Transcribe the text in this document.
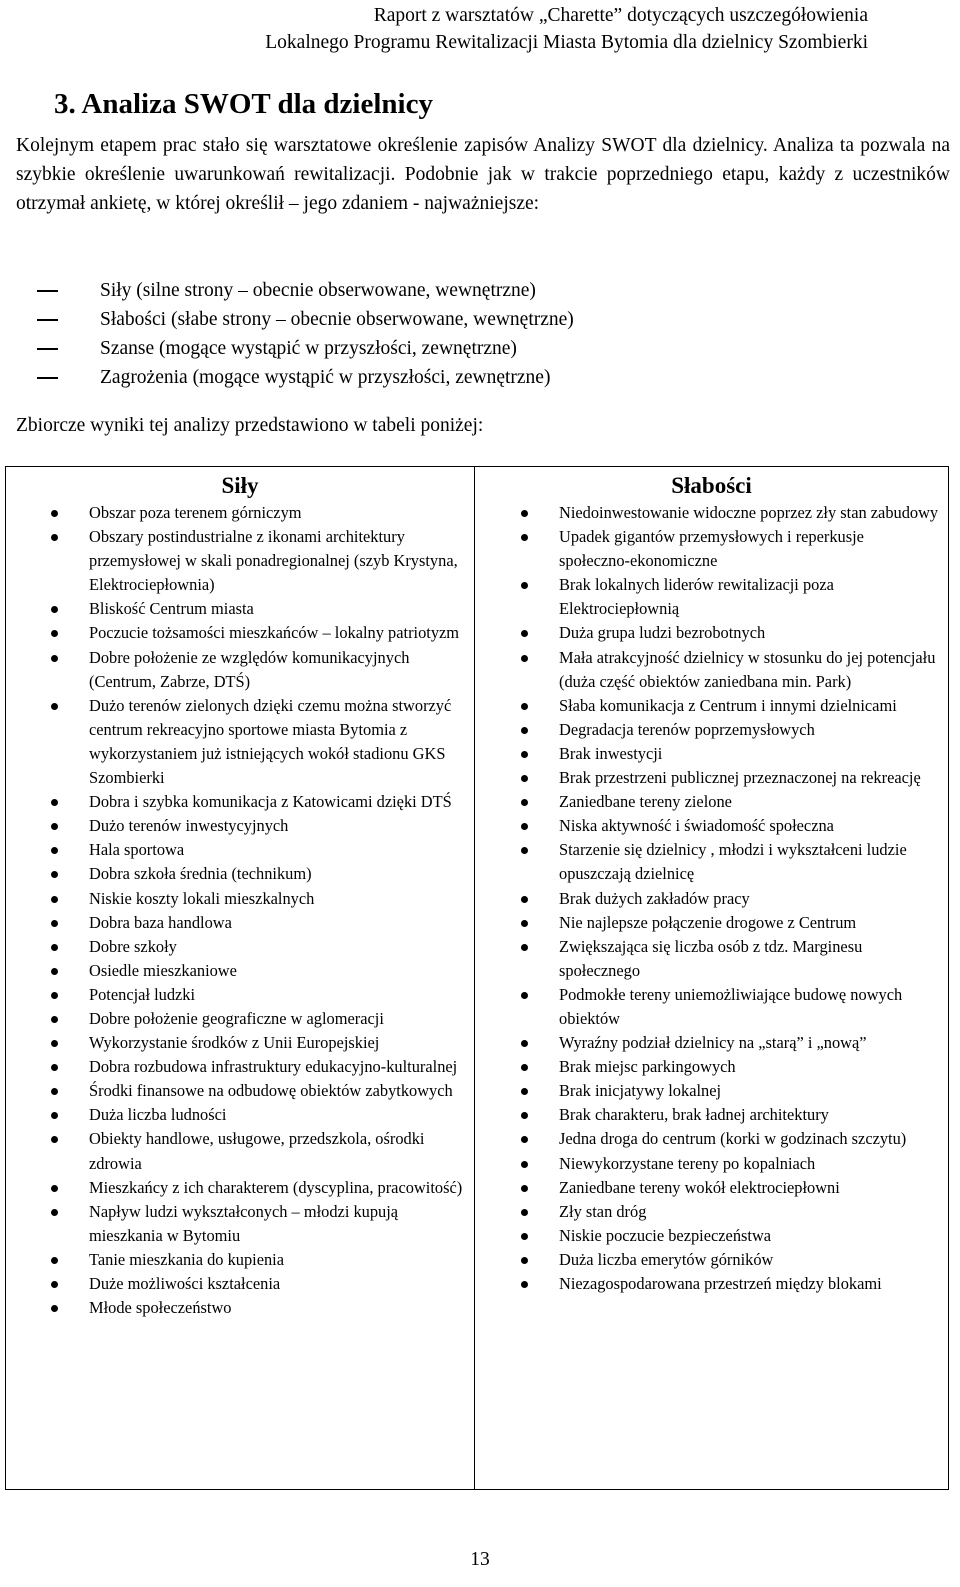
Raport z warsztatów „Charette” dotyczących uszczegółowienia
Lokalnego Programu Rewitalizacji Miasta Bytomia dla dzielnicy Szombierki
3. Analiza SWOT dla dzielnicy

Kolejnym etapem prac stało się warsztatowe określenie zapisów Analizy SWOT dla dzielnicy. Analiza ta pozwala na szybkie określenie uwarunkowań rewitalizacji. Podobnie jak w trakcie poprzedniego etapu, każdy z uczestników otrzymał ankietę, w której określił – jego zdaniem - najważniejsze:

Siły (silne strony – obecnie obserwowane, wewnętrzne)
Słabości (słabe strony – obecnie obserwowane, wewnętrzne)
Szanse (mogące wystąpić w przyszłości, zewnętrzne)
Zagrożenia (mogące wystąpić w przyszłości, zewnętrzne)

Zbiorcze wyniki tej analizy przedstawiono w tabeli poniżej:

Siły
Obszar poza terenem górniczym
Obszary postindustrialne z ikonami architektury przemysłowej w skali ponadregionalnej (szyb Krystyna, Elektrociepłownia)
Bliskość Centrum miasta
Poczucie tożsamości mieszkańców – lokalny patriotyzm
Dobre położenie ze względów komunikacyjnych (Centrum, Zabrze, DTŚ)
Dużo terenów zielonych dzięki czemu można stworzyć centrum rekreacyjno sportowe miasta Bytomia z wykorzystaniem już istniejących wokół stadionu GKS Szombierki
Dobra i szybka komunikacja z Katowicami dzięki DTŚ
Dużo terenów inwestycyjnych
Hala sportowa
Dobra szkoła średnia (technikum)
Niskie koszty lokali mieszkalnych
Dobra baza handlowa
Dobre szkoły
Osiedle mieszkaniowe
Potencjał ludzki
Dobre położenie geograficzne w aglomeracji
Wykorzystanie środków z Unii Europejskiej
Dobra rozbudowa infrastruktury edukacyjno-kulturalnej
Środki finansowe na odbudowę obiektów zabytkowych
Duża liczba ludności
Obiekty handlowe, usługowe, przedszkola, ośrodki zdrowia
Mieszkańcy z ich charakterem (dyscyplina, pracowitość)
Napływ ludzi wykształconych – młodzi kupują mieszkania w Bytomiu
Tanie mieszkania do kupienia
Duże możliwości kształcenia
Młode społeczeństwo
Słabości
Niedoinwestowanie widoczne poprzez zły stan zabudowy
Upadek gigantów przemysłowych i reperkusje społeczno-ekonomiczne
Brak lokalnych liderów rewitalizacji poza Elektrociepłownią
Duża grupa ludzi bezrobotnych
Mała atrakcyjność dzielnicy w stosunku do jej potencjału (duża część obiektów zaniedbana min. Park)
Słaba komunikacja z Centrum i innymi dzielnicami
Degradacja terenów poprzemysłowych
Brak inwestycji
Brak przestrzeni publicznej przeznaczonej na rekreację
Zaniedbane tereny zielone
Niska aktywność i świadomość społeczna
Starzenie się dzielnicy , młodzi i wykształceni ludzie opuszczają dzielnicę
Brak dużych zakładów pracy
Nie najlepsze połączenie drogowe z Centrum
Zwiększająca się liczba osób z tdz. Marginesu społecznego
Podmokłe tereny uniemożliwiające budowę nowych obiektów
Wyraźny podział dzielnicy na „starą” i „nową”
Brak miejsc parkingowych
Brak inicjatywy lokalnej
Brak charakteru, brak ładnej architektury
Jedna droga do centrum (korki w godzinach szczytu)
Niewykorzystane tereny po kopalniach
Zaniedbane tereny wokół elektrociepłowni
Zły stan dróg
Niskie poczucie bezpieczeństwa
Duża liczba emerytów górników
Niezagospodarowana przestrzeń między blokami
13
